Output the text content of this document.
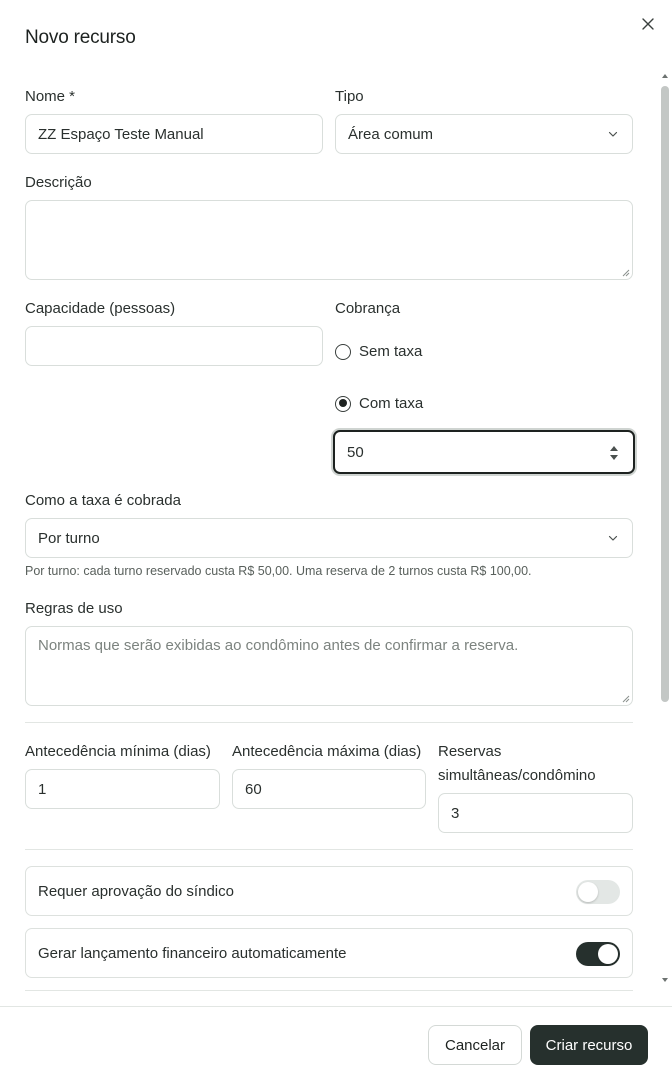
Novo recurso
Nome *
ZZ Espaço Teste Manual
Tipo
Área comum
Descrição
Capacidade (pessoas)	Cobrança
Sem taxa
Com taxa
50
Como a taxa é cobrada
Por turno
Por turno: cada turno reservado custa R$ 50,00. Uma reserva de 2 turnos custa R$ 100,00.
Regras de uso
Normas que serão exibidas ao condômino antes de confirmar a reserva.
Antecedência mínima (dias)
1
Antecedência máxima (dias)
60
Reservas
simultâneas/condômino
3
Requer aprovação do síndico
Gerar lançamento financeiro automaticamente
Cancelar	Criar recurso
